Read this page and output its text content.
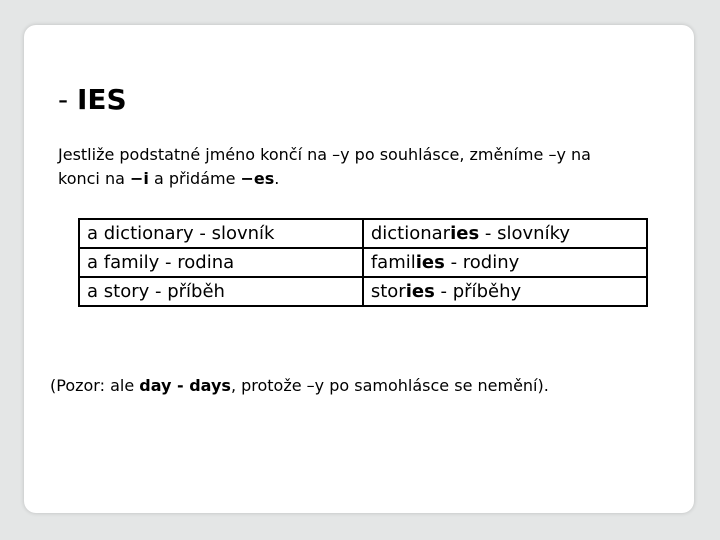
- IES
Jestliže podstatné jméno končí na –y po souhlásce, změníme –y na
konci na −i a přidáme −es.
a dictionary - slovník	dictionaries - slovníky
a family - rodina	families - rodiny
a story - příběh	stories - příběhy
(Pozor: ale day - days, protože –y po samohlásce se nemění).
